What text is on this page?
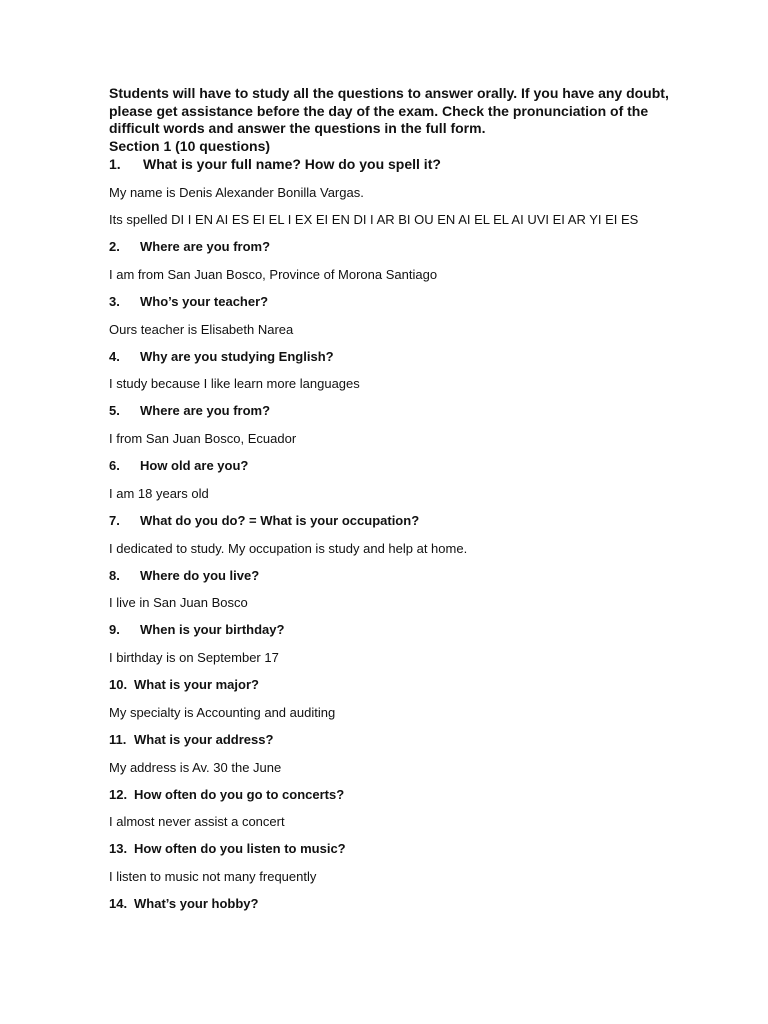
Students will have to study all the questions to answer orally. If you have any doubt, please get assistance before the day of the exam. Check the pronunciation of the difficult words and answer the questions in the full form.

Section 1 (10 questions)
1. What is your full name? How do you spell it?
My name is Denis Alexander Bonilla Vargas.
Its spelled DI I EN AI ES EI EL I EX EI EN DI I AR BI OU EN AI EL EL AI UVI EI AR YI EI ES
2. Where are you from?
I am from San Juan Bosco, Province of Morona Santiago
3. Who’s your teacher?
Ours teacher is Elisabeth Narea
4. Why are you studying English?
I study because I like learn more languages
5. Where are you from?
I from San Juan Bosco, Ecuador
6. How old are you?
I am 18 years old
7. What do you do? = What is your occupation?
I dedicated to study. My occupation is study and help at home.
8. Where do you live?
I live in San Juan Bosco
9. When is your birthday?
I birthday is on September 17
10. What is your major?
My specialty is Accounting and auditing
11. What is your address?
My address is Av. 30 the June
12. How often do you go to concerts?
I almost never assist a concert
13. How often do you listen to music?
I listen to music not many frequently
14. What’s your hobby?
